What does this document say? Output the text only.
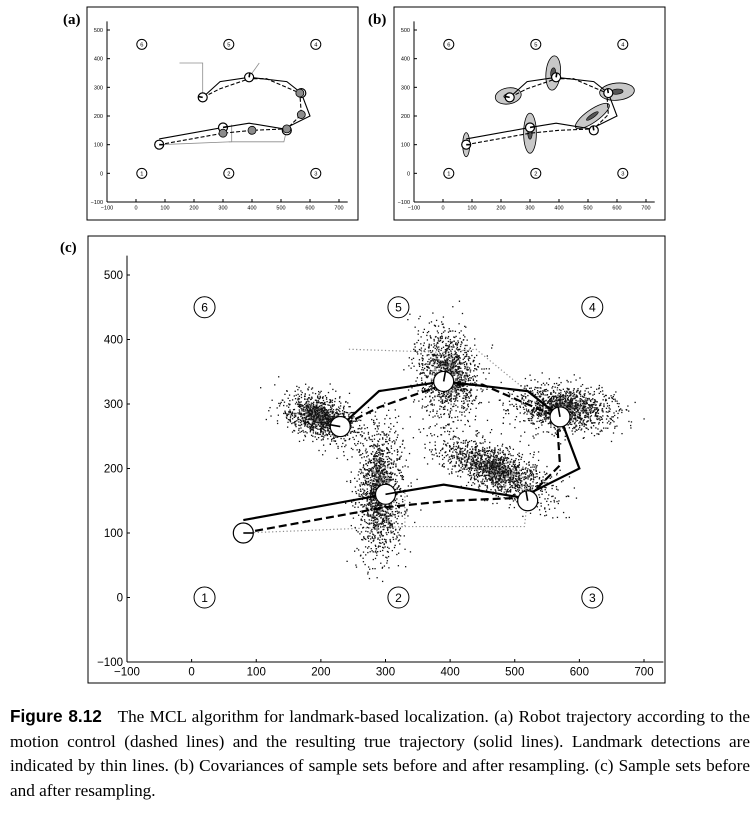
(a)	(b)
(c)
−100	0	100	200	300	400	500	600	700
−100
0
100
200
300
400
500
−100	0	100	200	300	400	500	600	700
−100
0
100
200
300
400
500
−100	0	100	200	300	400	500	600	700
−100
0
100
200
300
400
500
1	2	3
4
5
6
1	2	3
4
5
6
1	2	3
4
5
6
Figure 8.12 The MCL algorithm for landmark-based localization. (a) Robot trajectory according to the motion control (dashed lines) and the resulting true trajectory (solid lines). Landmark detections are indicated by thin lines. (b) Covariances of sample sets before and after resampling. (c) Sample sets before and after resampling.
